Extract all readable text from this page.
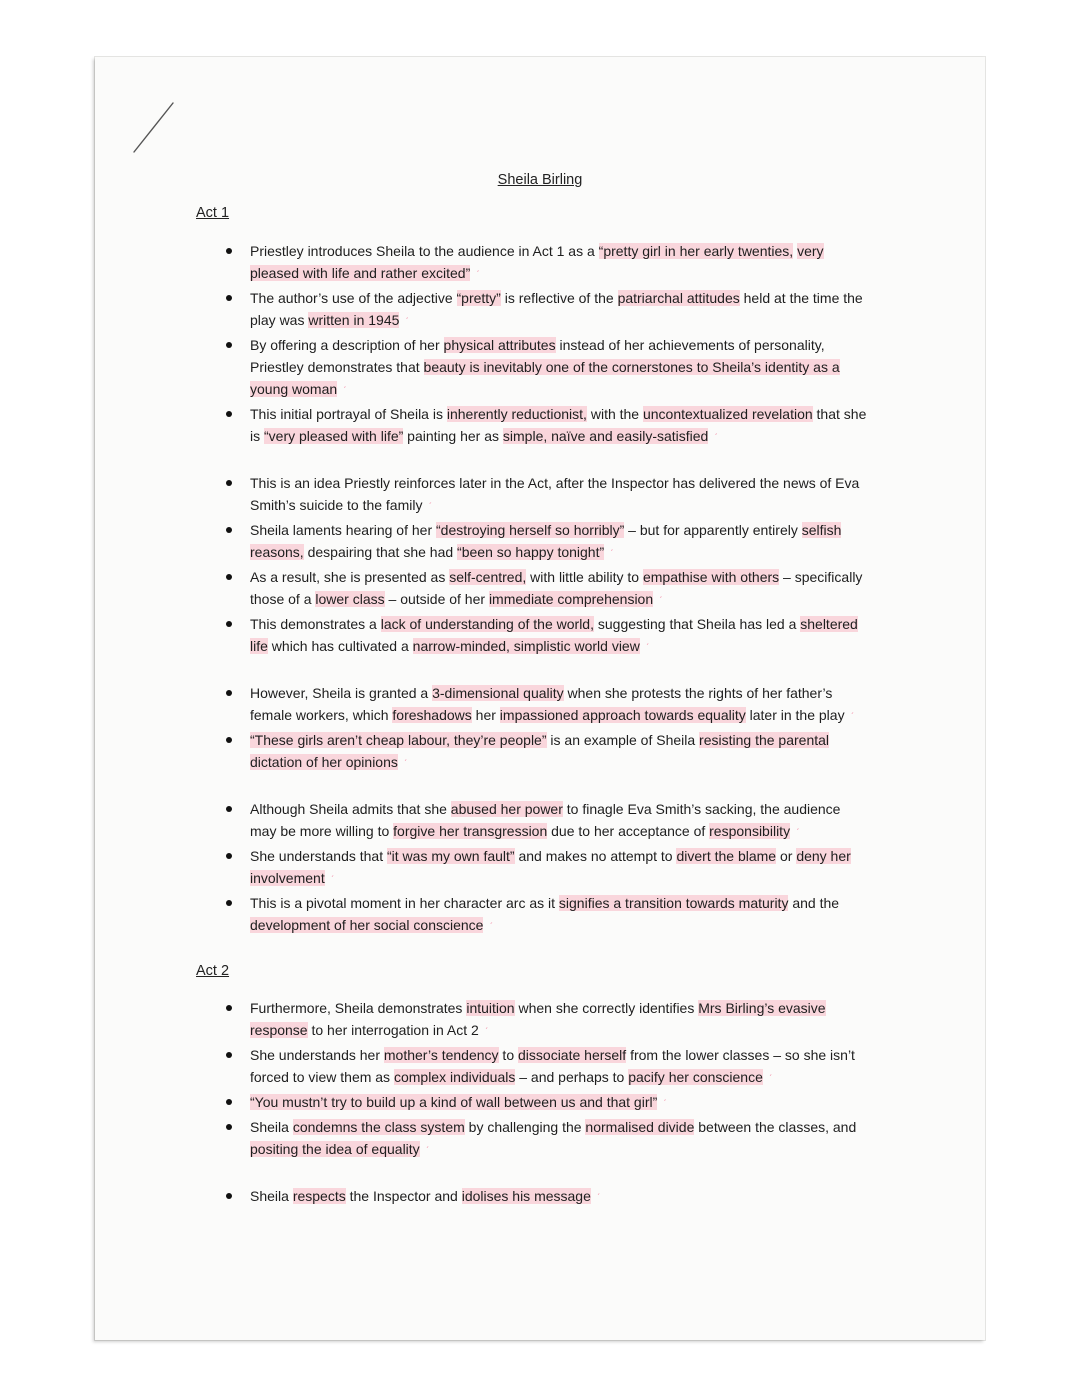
Sheila Birling
Act 1
Priestley introduces Sheila to the audience in Act 1 as a “pretty girl in her early twenties, very pleased with life and rather excited” ˊ
The author’s use of the adjective “pretty” is reflective of the patriarchal attitudes held at the time the play was written in 1945 ˊ
By offering a description of her physical attributes instead of her achievements of personality, Priestley demonstrates that beauty is inevitably one of the cornerstones to Sheila’s identity as a young woman ˊ
This initial portrayal of Sheila is inherently reductionist, with the uncontextualized revelation that she is “very pleased with life” painting her as simple, naïve and easily-satisfied ˊ
This is an idea Priestly reinforces later in the Act, after the Inspector has delivered the news of Eva Smith’s suicide to the family ˊ
Sheila laments hearing of her “destroying herself so horribly” – but for apparently entirely selfish reasons, despairing that she had “been so happy tonight” ˊ
As a result, she is presented as self-centred, with little ability to empathise with others – specifically those of a lower class – outside of her immediate comprehension ˊ
This demonstrates a lack of understanding of the world, suggesting that Sheila has led a sheltered life which has cultivated a narrow-minded, simplistic world view ˊ
However, Sheila is granted a 3-dimensional quality when she protests the rights of her father’s female workers, which foreshadows her impassioned approach towards equality later in the play ˊ
“These girls aren’t cheap labour, they’re people” is an example of Sheila resisting the parental dictation of her opinions ˊ
Although Sheila admits that she abused her power to finagle Eva Smith’s sacking, the audience may be more willing to forgive her transgression due to her acceptance of responsibility ˊ
She understands that “it was my own fault” and makes no attempt to divert the blame or deny her involvement ˊ
This is a pivotal moment in her character arc as it signifies a transition towards maturity and the development of her social conscience ˊ
Act 2
Furthermore, Sheila demonstrates intuition when she correctly identifies Mrs Birling’s evasive response to her interrogation in Act 2 ˊ
She understands her mother’s tendency to dissociate herself from the lower classes – so she isn’t forced to view them as complex individuals – and perhaps to pacify her conscience ˊ
“You mustn’t try to build up a kind of wall between us and that girl” ˊ
Sheila condemns the class system by challenging the normalised divide between the classes, and positing the idea of equality ˊ
Sheila respects the Inspector and idolises his message ˊ
